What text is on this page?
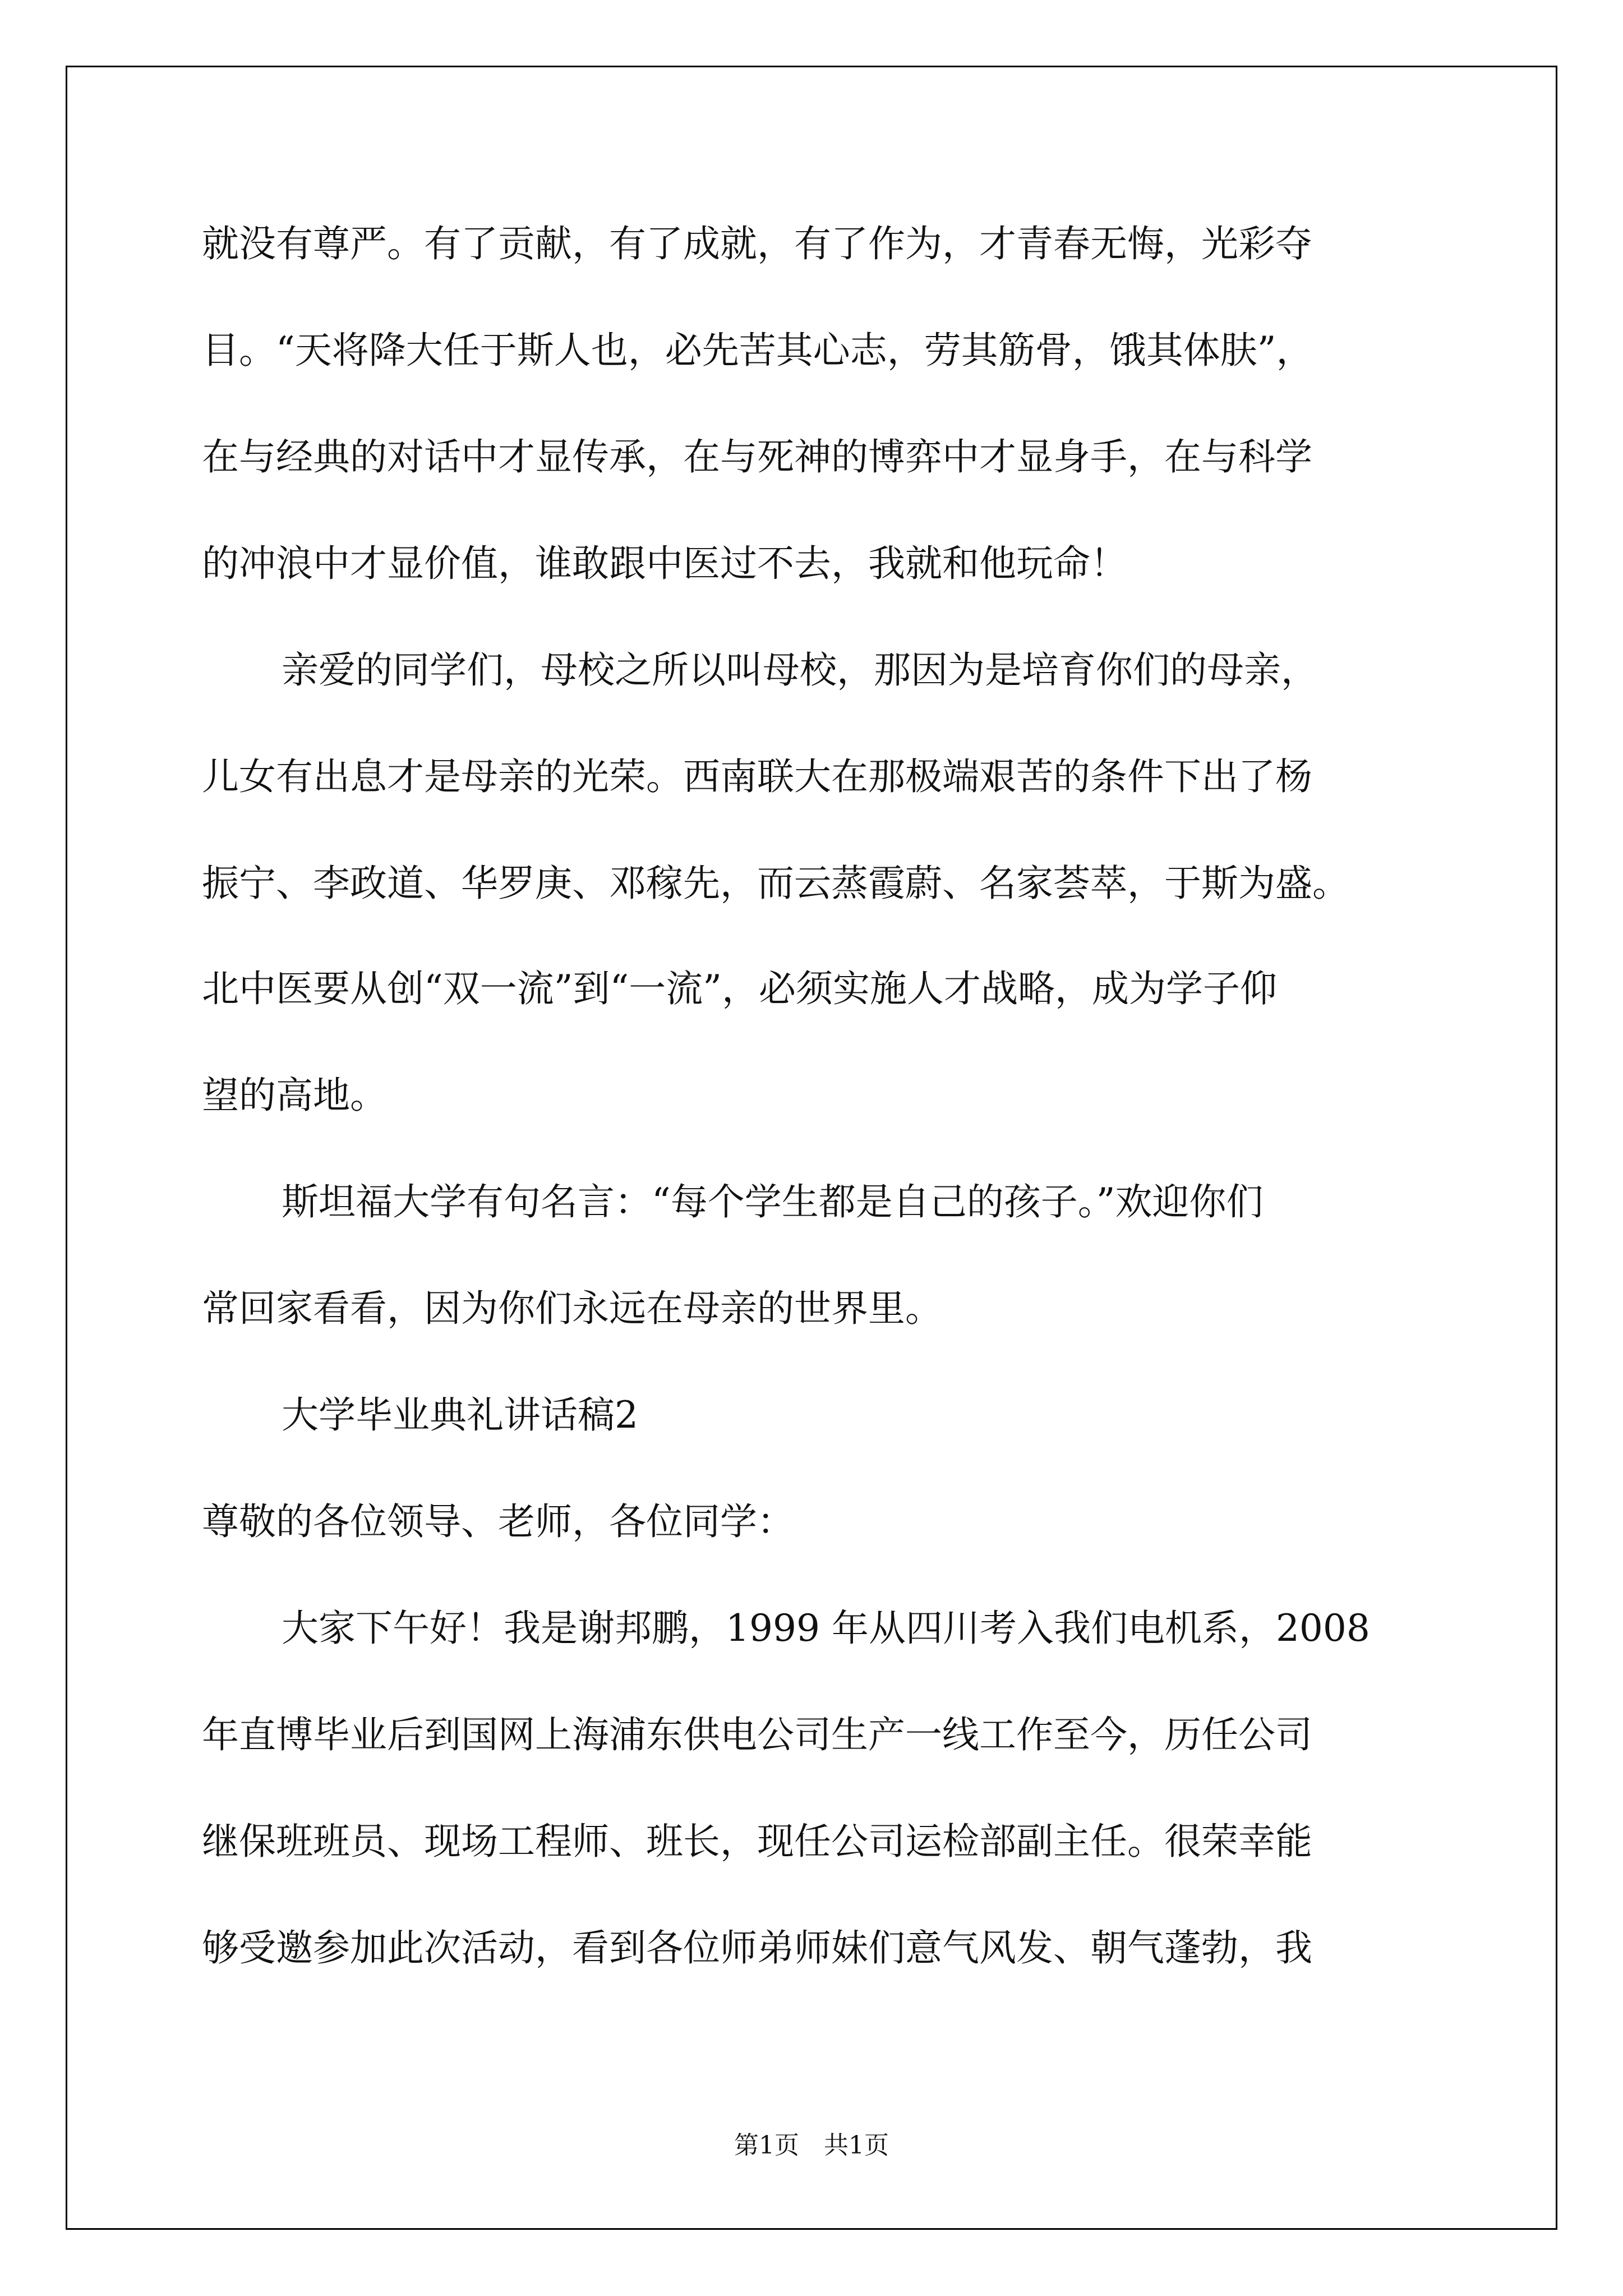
就没有尊严。有了贡献，有了成就，有了作为，才青春无悔，光彩夺

目。“天将降大任于斯人也，必先苦其心志，劳其筋骨，饿其体肤”，

在与经典的对话中才显传承，在与死神的博弈中才显身手，在与科学

的冲浪中才显价值，谁敢跟中医过不去，我就和他玩命！

亲爱的同学们，母校之所以叫母校，那因为是培育你们的母亲，

儿女有出息才是母亲的光荣。西南联大在那极端艰苦的条件下出了杨

振宁、李政道、华罗庚、邓稼先，而云蒸霞蔚、名家荟萃，于斯为盛。

北中医要从创“双一流”到“一流”，必须实施人才战略，成为学子仰

望的高地。

斯坦福大学有句名言：“每个学生都是自己的孩子。”欢迎你们

常回家看看，因为你们永远在母亲的世界里。

大学毕业典礼讲话稿2

尊敬的各位领导、老师，各位同学：

大家下午好！我是谢邦鹏，1999 年从四川考入我们电机系，2008

年直博毕业后到国网上海浦东供电公司生产一线工作至今，历任公司

继保班班员、现场工程师、班长，现任公司运检部副主任。很荣幸能

够受邀参加此次活动，看到各位师弟师妹们意气风发、朝气蓬勃，我

第1页　共1页
